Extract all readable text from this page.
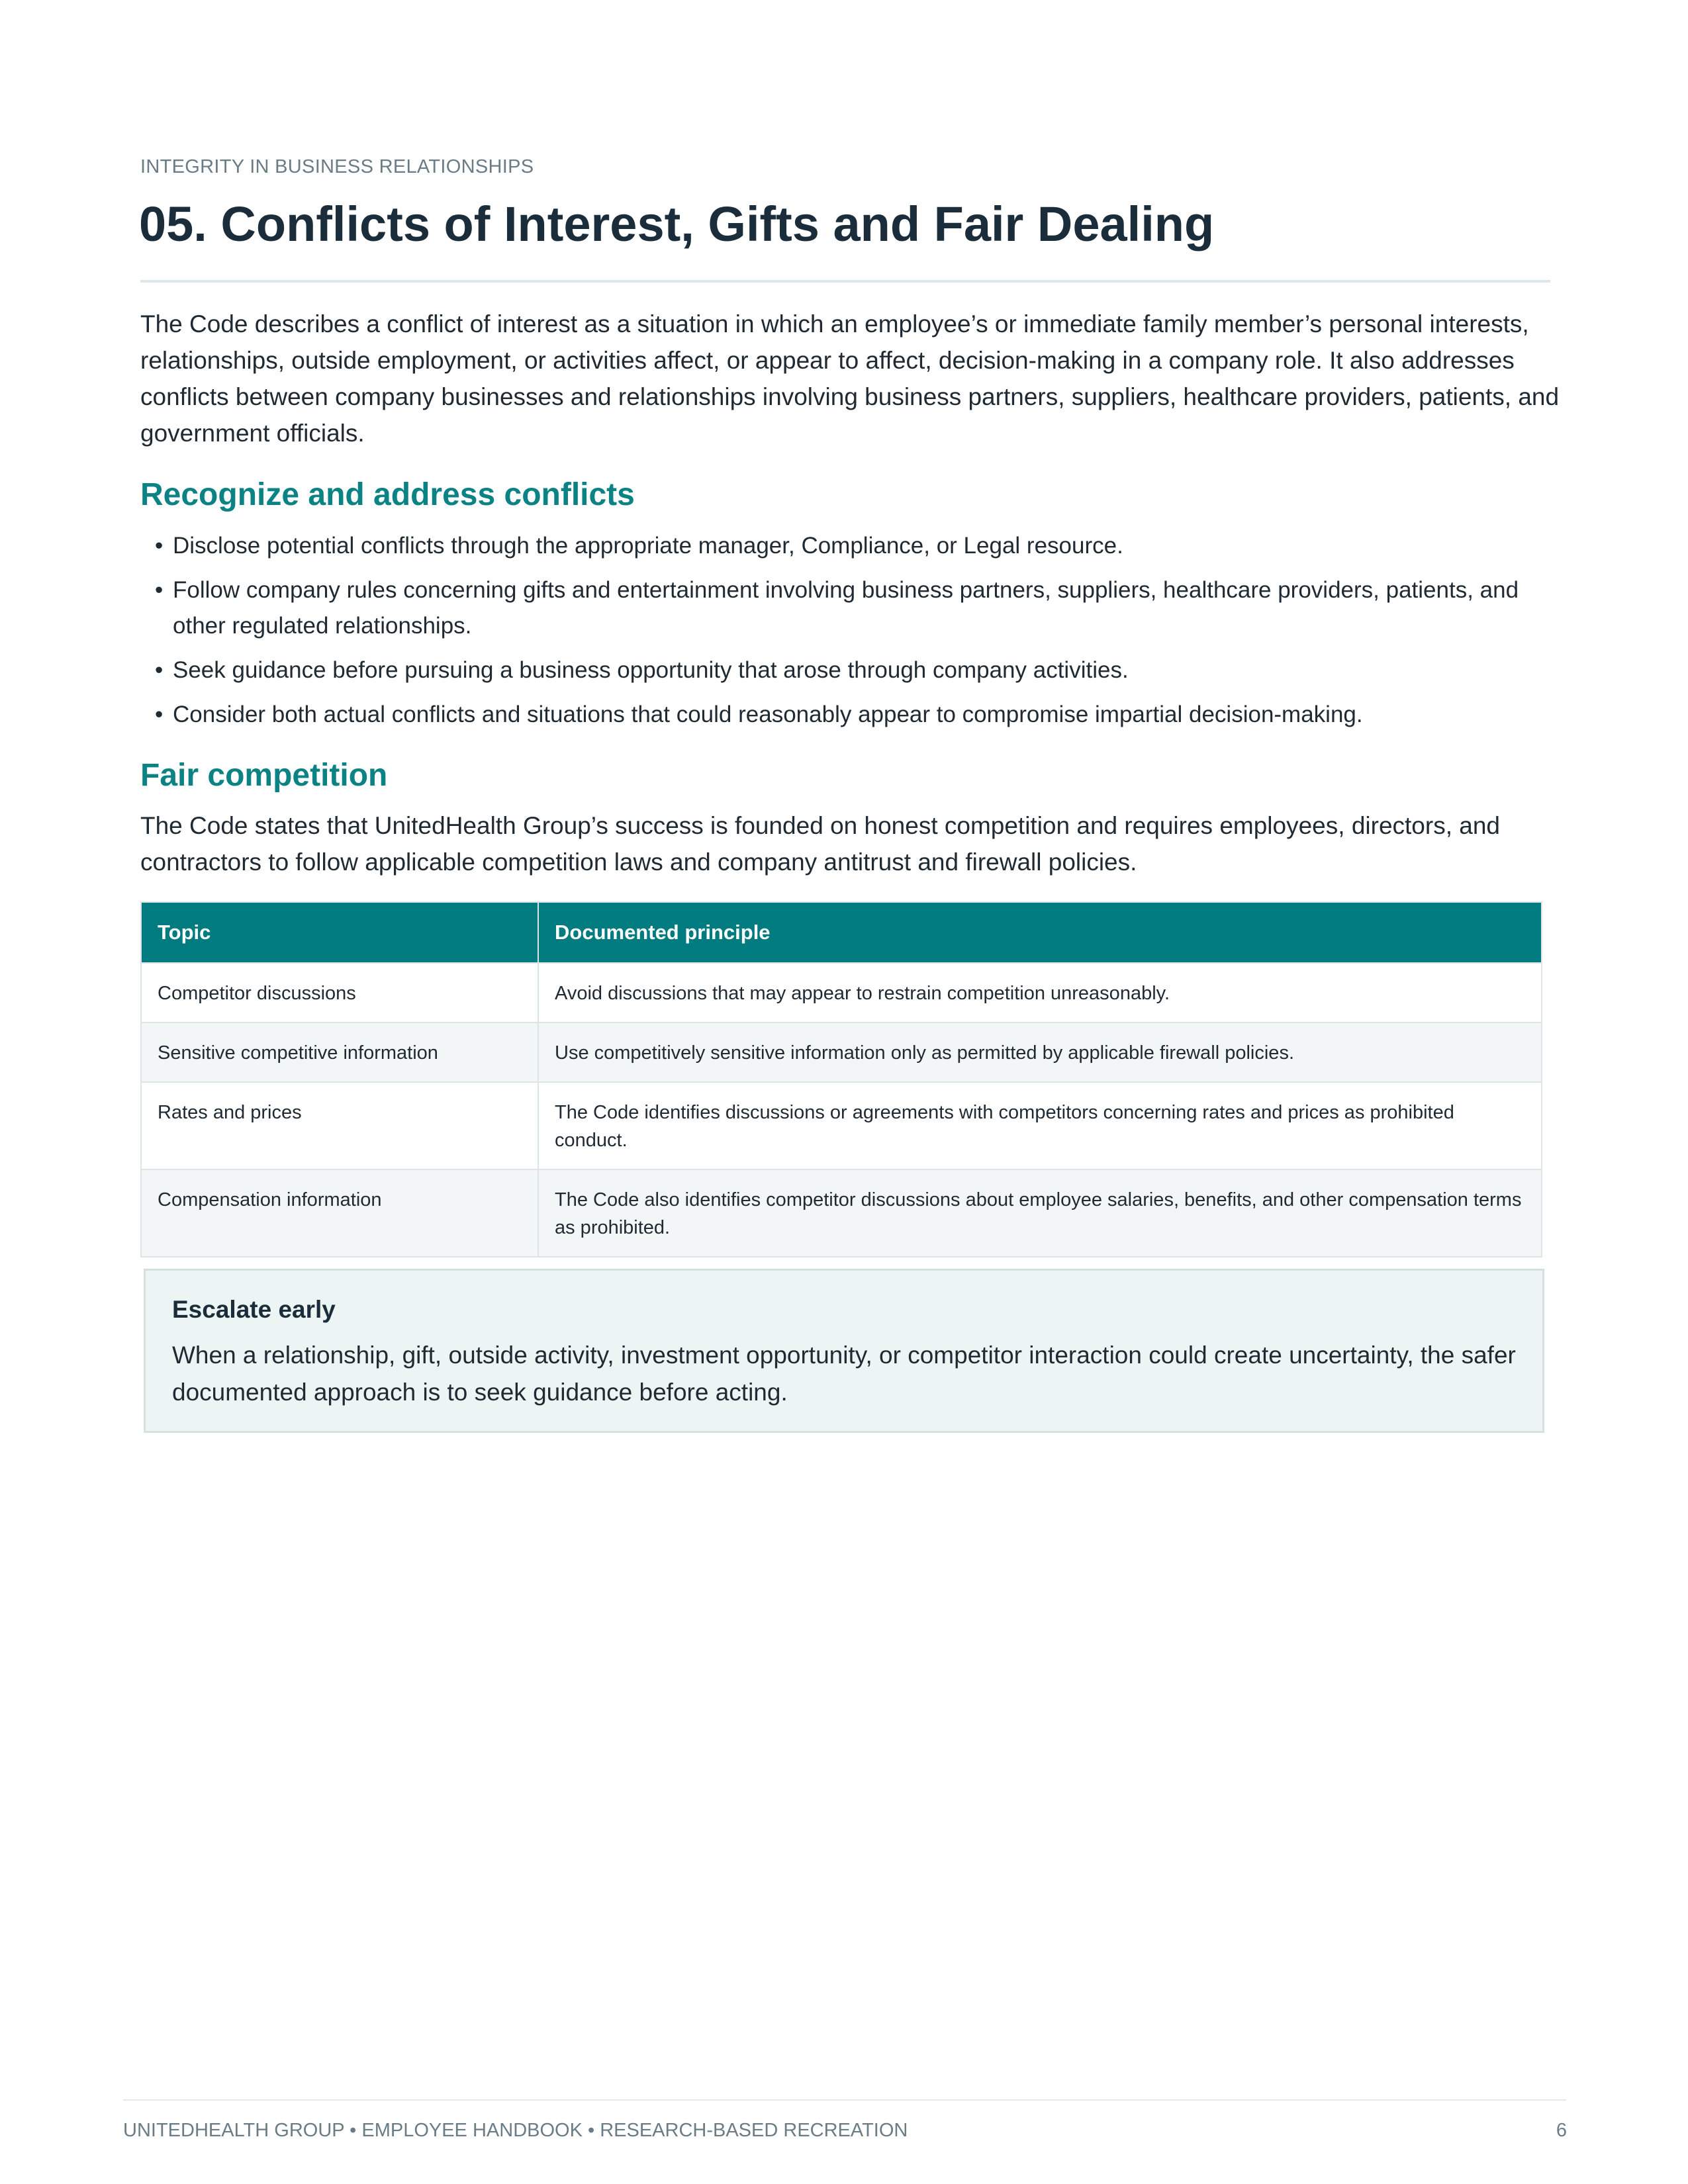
INTEGRITY IN BUSINESS RELATIONSHIPS
05. Conflicts of Interest, Gifts and Fair Dealing

The Code describes a conflict of interest as a situation in which an employee’s or immediate family member’s personal interests, relationships, outside employment, or activities affect, or appear to affect, decision-making in a company role. It also addresses conflicts between company businesses and relationships involving business partners, suppliers, healthcare providers, patients, and government officials.

Recognize and address conflicts
• Disclose potential conflicts through the appropriate manager, Compliance, or Legal resource.
• Follow company rules concerning gifts and entertainment involving business partners, suppliers, healthcare providers, patients, and other regulated relationships.
• Seek guidance before pursuing a business opportunity that arose through company activities.
• Consider both actual conflicts and situations that could reasonably appear to compromise impartial decision-making.
Fair competition

The Code states that UnitedHealth Group’s success is founded on honest competition and requires employees, directors, and contractors to follow applicable competition laws and company antitrust and firewall policies.

Topic	Documented principle
Competitor discussions	Avoid discussions that may appear to restrain competition unreasonably.
Sensitive competitive information	Use competitively sensitive information only as permitted by applicable firewall policies.
Rates and prices	The Code identifies discussions or agreements with competitors concerning rates and prices as prohibited conduct.
Compensation information	The Code also identifies competitor discussions about employee salaries, benefits, and other compensation terms as prohibited.
Escalate early

When a relationship, gift, outside activity, investment opportunity, or competitor interaction could create uncertainty, the safer documented approach is to seek guidance before acting.

UNITEDHEALTH GROUP • EMPLOYEE HANDBOOK • RESEARCH-BASED RECREATION	6
